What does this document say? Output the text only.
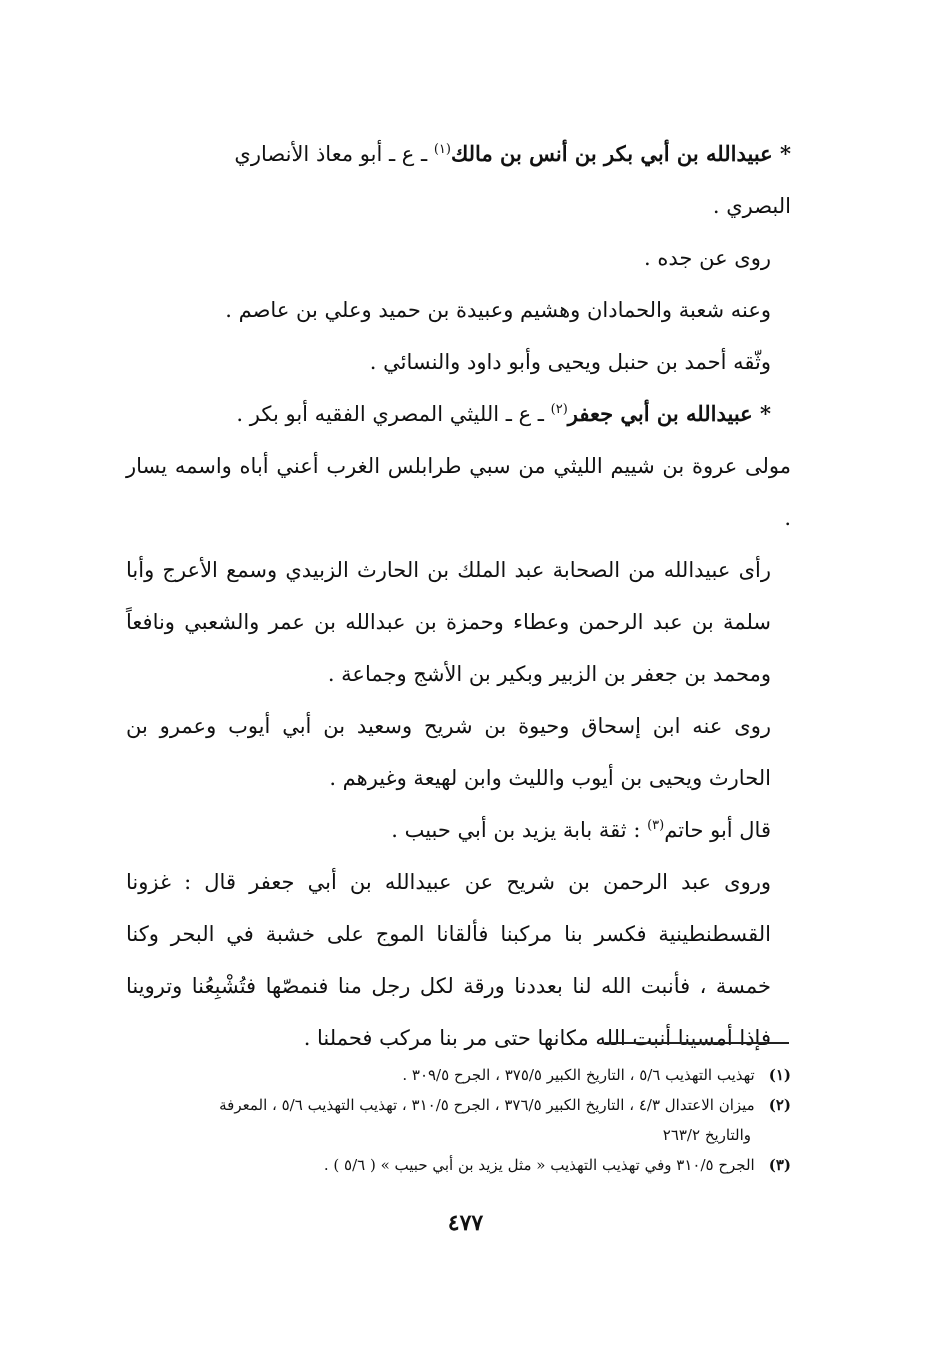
* عبيدالله بن أبي بكر بن أنس بن مالك$^{(١)}$ ـ ع ـ أبو معاذ الأنصاري

البصري .

روى عن جده .

وعنه شعبة والحمادان وهشيم وعبيدة بن حميد وعلي بن عاصم .

وثّقه أحمد بن حنبل ويحيى وأبو داود والنسائي .

* عبيدالله بن أبي جعفر$^{(٢)}$ ـ ع ـ الليثي المصري الفقيه أبو بكر .

مولى عروة بن شييم الليثي من سبي طرابلس الغرب أعني أباه واسمه يسار .

رأى عبيدالله من الصحابة عبد الملك بن الحارث الزبيدي وسمع الأعرج وأبا سلمة بن عبد الرحمن وعطاء وحمزة بن عبدالله بن عمر والشعبي ونافعاً ومحمد بن جعفر بن الزبير وبكير بن الأشج وجماعة .

روى عنه ابن إسحاق وحيوة بن شريح وسعيد بن أبي أيوب وعمرو بن الحارث ويحيى بن أيوب والليث وابن لهيعة وغيرهم .

قال أبو حاتم$^{(٣)}$ : ثقة بابة يزيد بن أبي حبيب .

وروى عبد الرحمن بن شريح عن عبيدالله بن أبي جعفر قال : غزونا القسطنطينية فكسر بنا مركبنا فألقانا الموج على خشبة في البحر وكنا خمسة ، فأنبت الله لنا بعددنا ورقة لكل رجل منا فنمصّها فتُشْبِعُنا وتروينا فإذا أمسينا أنبت الله مكانها حتى مر بنا مركب فحملنا .

(١)تهذيب التهذيب ٥/٦ ، التاريخ الكبير ٣٧٥/٥ ، الجرح ٣٠٩/٥ .

(٢)ميزان الاعتدال ٤/٣ ، التاريخ الكبير ٣٧٦/٥ ، الجرح ٣١٠/٥ ، تهذيب التهذيب ٥/٦ ، المعرفة

والتاريخ ٢٦٣/٢

(٣)الجرح ٣١٠/٥ وفي تهذيب التهذيب « مثل يزيد بن أبي حبيب » ( ٥/٦ ) .

٤٧٧
